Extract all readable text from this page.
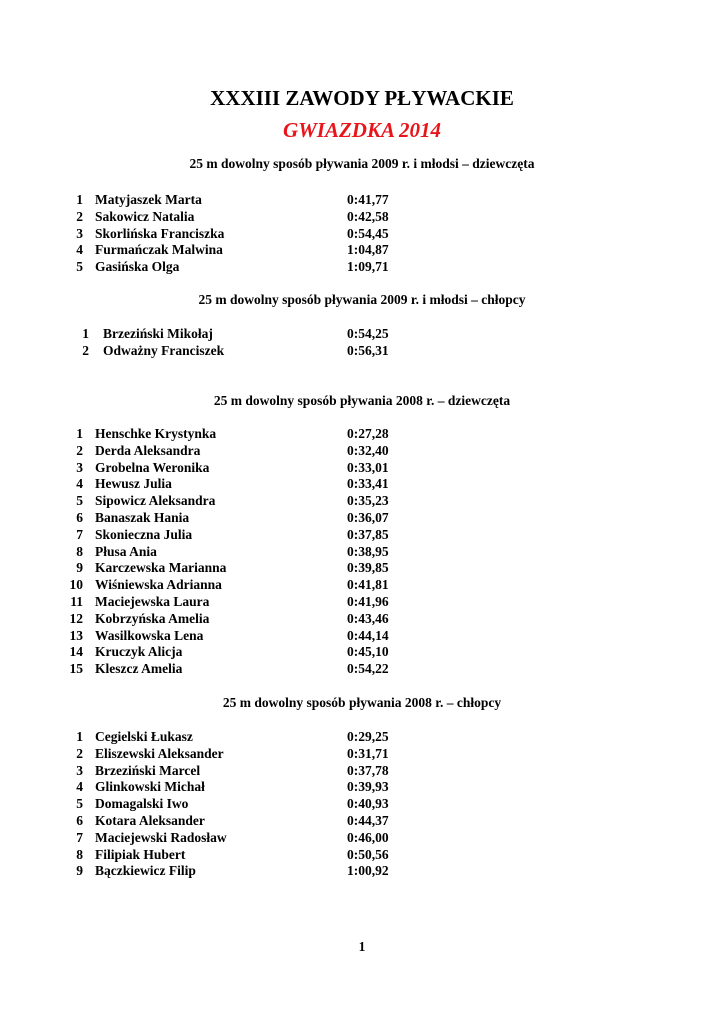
XXXIII ZAWODY PŁYWACKIE
GWIAZDKA 2014
25 m dowolny sposób pływania 2009 r. i młodsi – dziewczęta
1 Matyjaszek Marta	0:41,77
2 Sakowicz Natalia	0:42,58
3 Skorlińska Franciszka	0:54,45
4 Furmańczak Malwina	1:04,87
5 Gasińska Olga	1:09,71
25 m dowolny sposób pływania 2009 r. i młodsi – chłopcy
1 Brzeziński Mikołaj	0:54,25
2 Odważny Franciszek	0:56,31
25 m dowolny sposób pływania 2008 r. – dziewczęta
1 Henschke Krystynka	0:27,28
2 Derda Aleksandra	0:32,40
3 Grobelna Weronika	0:33,01
4 Hewusz Julia	0:33,41
5 Sipowicz Aleksandra	0:35,23
6 Banaszak Hania	0:36,07
7 Skonieczna Julia	0:37,85
8 Płusa Ania	0:38,95
9 Karczewska Marianna	0:39,85
10 Wiśniewska Adrianna	0:41,81
11 Maciejewska Laura	0:41,96
12 Kobrzyńska Amelia	0:43,46
13 Wasilkowska Lena	0:44,14
14 Kruczyk Alicja	0:45,10
15 Kleszcz Amelia	0:54,22
25 m dowolny sposób pływania 2008 r. – chłopcy
1 Cegielski Łukasz	0:29,25
2 Eliszewski Aleksander	0:31,71
3 Brzeziński Marcel	0:37,78
4 Glinkowski Michał	0:39,93
5 Domagalski Iwo	0:40,93
6 Kotara Aleksander	0:44,37
7 Maciejewski Radosław	0:46,00
8 Filipiak Hubert	0:50,56
9 Bączkiewicz Filip	1:00,92
1
